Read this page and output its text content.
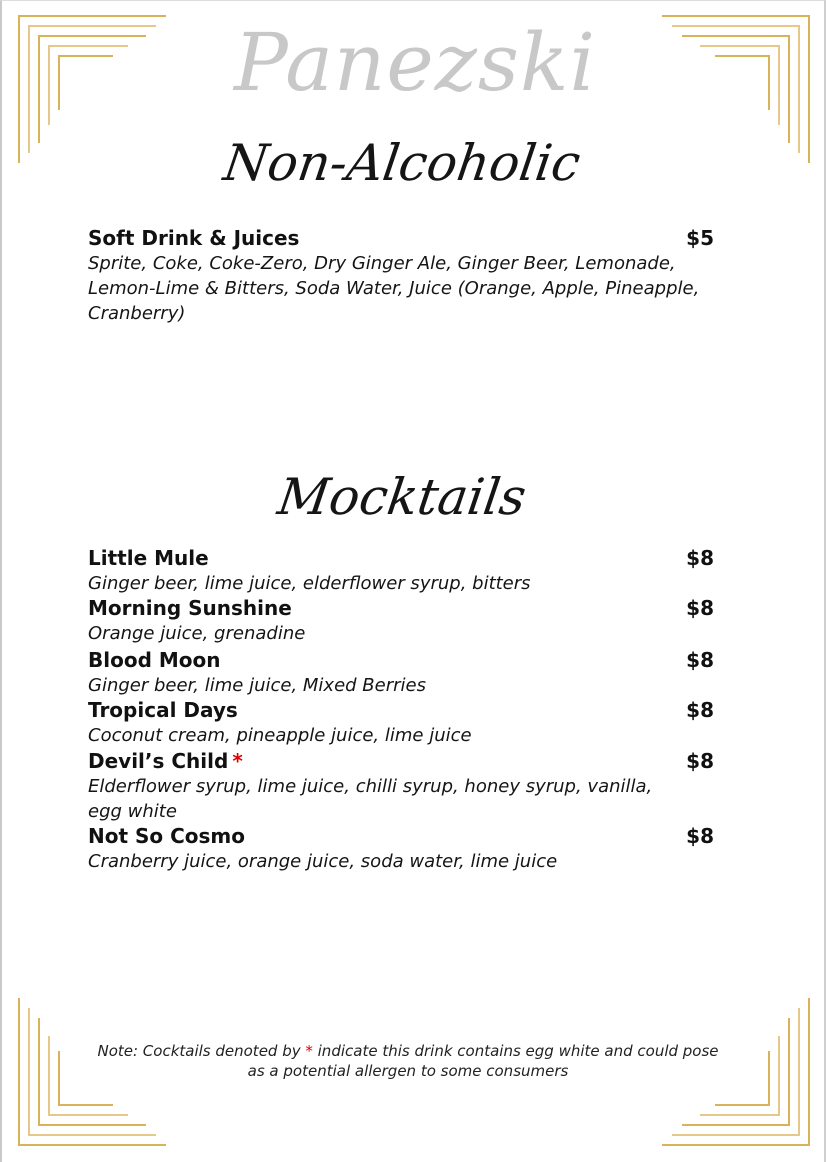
Panezski
Non-Alcoholic
Soft Drink & Juices	$5
Sprite, Coke, Coke-Zero, Dry Ginger Ale, Ginger Beer, Lemonade, Lemon-Lime & Bitters, Soda Water, Juice (Orange, Apple, Pineapple, Cranberry)
Mocktails
Little Mule	$8
Ginger beer, lime juice, elderflower syrup, bitters
Morning Sunshine	$8
Orange juice, grenadine
Blood Moon	$8
Ginger beer, lime juice, Mixed Berries
Tropical Days	$8
Coconut cream, pineapple juice, lime juice
Devil’s Child *	$8
Elderflower syrup, lime juice, chilli syrup, honey syrup, vanilla, egg white
Not So Cosmo	$8
Cranberry juice, orange juice, soda water, lime juice
Note: Cocktails denoted by * indicate this drink contains egg white and could pose as a potential allergen to some consumers
